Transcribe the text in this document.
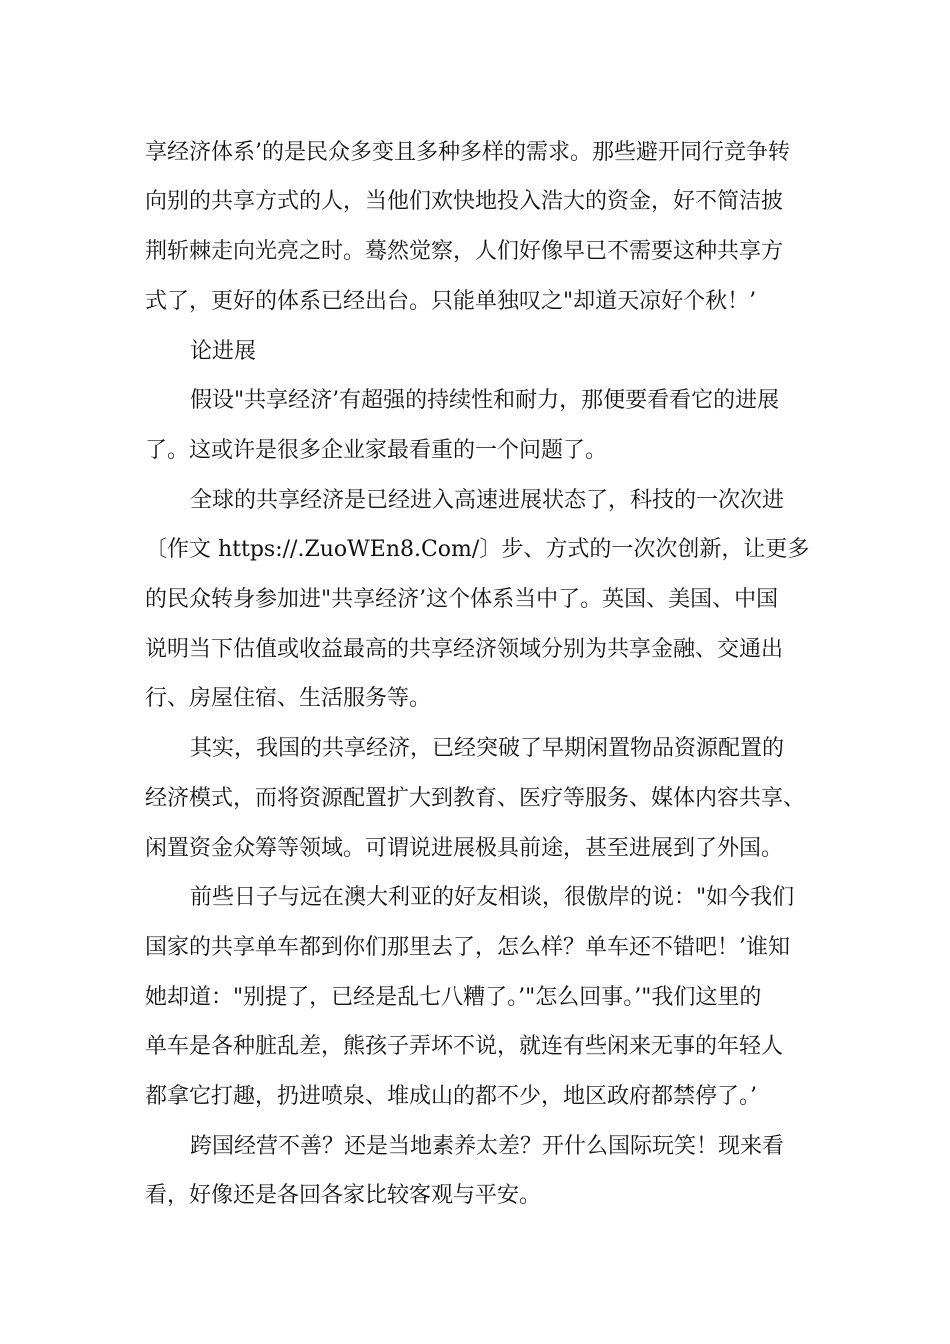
享经济体系’的是民众多变且多种多样的需求。那些避开同行竞争转
向别的共享方式的人，当他们欢快地投入浩大的资金，好不简洁披
荆斩棘走向光亮之时。蓦然觉察，人们好像早已不需要这种共享方
式了，更好的体系已经出台。只能单独叹之"却道天凉好个秋！’
论进展
假设"共享经济’有超强的持续性和耐力，那便要看看它的进展
了。这或许是很多企业家最看重的一个问题了。
全球的共享经济是已经进入高速进展状态了，科技的一次次进
〔作文 https://.ZuoWEn8.Com/〕步、方式的一次次创新，让更多
的民众转身参加进"共享经济’这个体系当中了。英国、美国、中国
说明当下估值或收益最高的共享经济领域分别为共享金融、交通出
行、房屋住宿、生活服务等。
其实，我国的共享经济，已经突破了早期闲置物品资源配置的
经济模式，而将资源配置扩大到教育、医疗等服务、媒体内容共享、
闲置资金众筹等领域。可谓说进展极具前途，甚至进展到了外国。
前些日子与远在澳大利亚的好友相谈，很傲岸的说："如今我们
国家的共享单车都到你们那里去了，怎么样？单车还不错吧！’谁知
她却道："别提了，已经是乱七八糟了。’"怎么回事。’"我们这里的
单车是各种脏乱差，熊孩子弄坏不说，就连有些闲来无事的年轻人
都拿它打趣，扔进喷泉、堆成山的都不少，地区政府都禁停了。’
跨国经营不善？还是当地素养太差？开什么国际玩笑！现来看
看，好像还是各回各家比较客观与平安。
